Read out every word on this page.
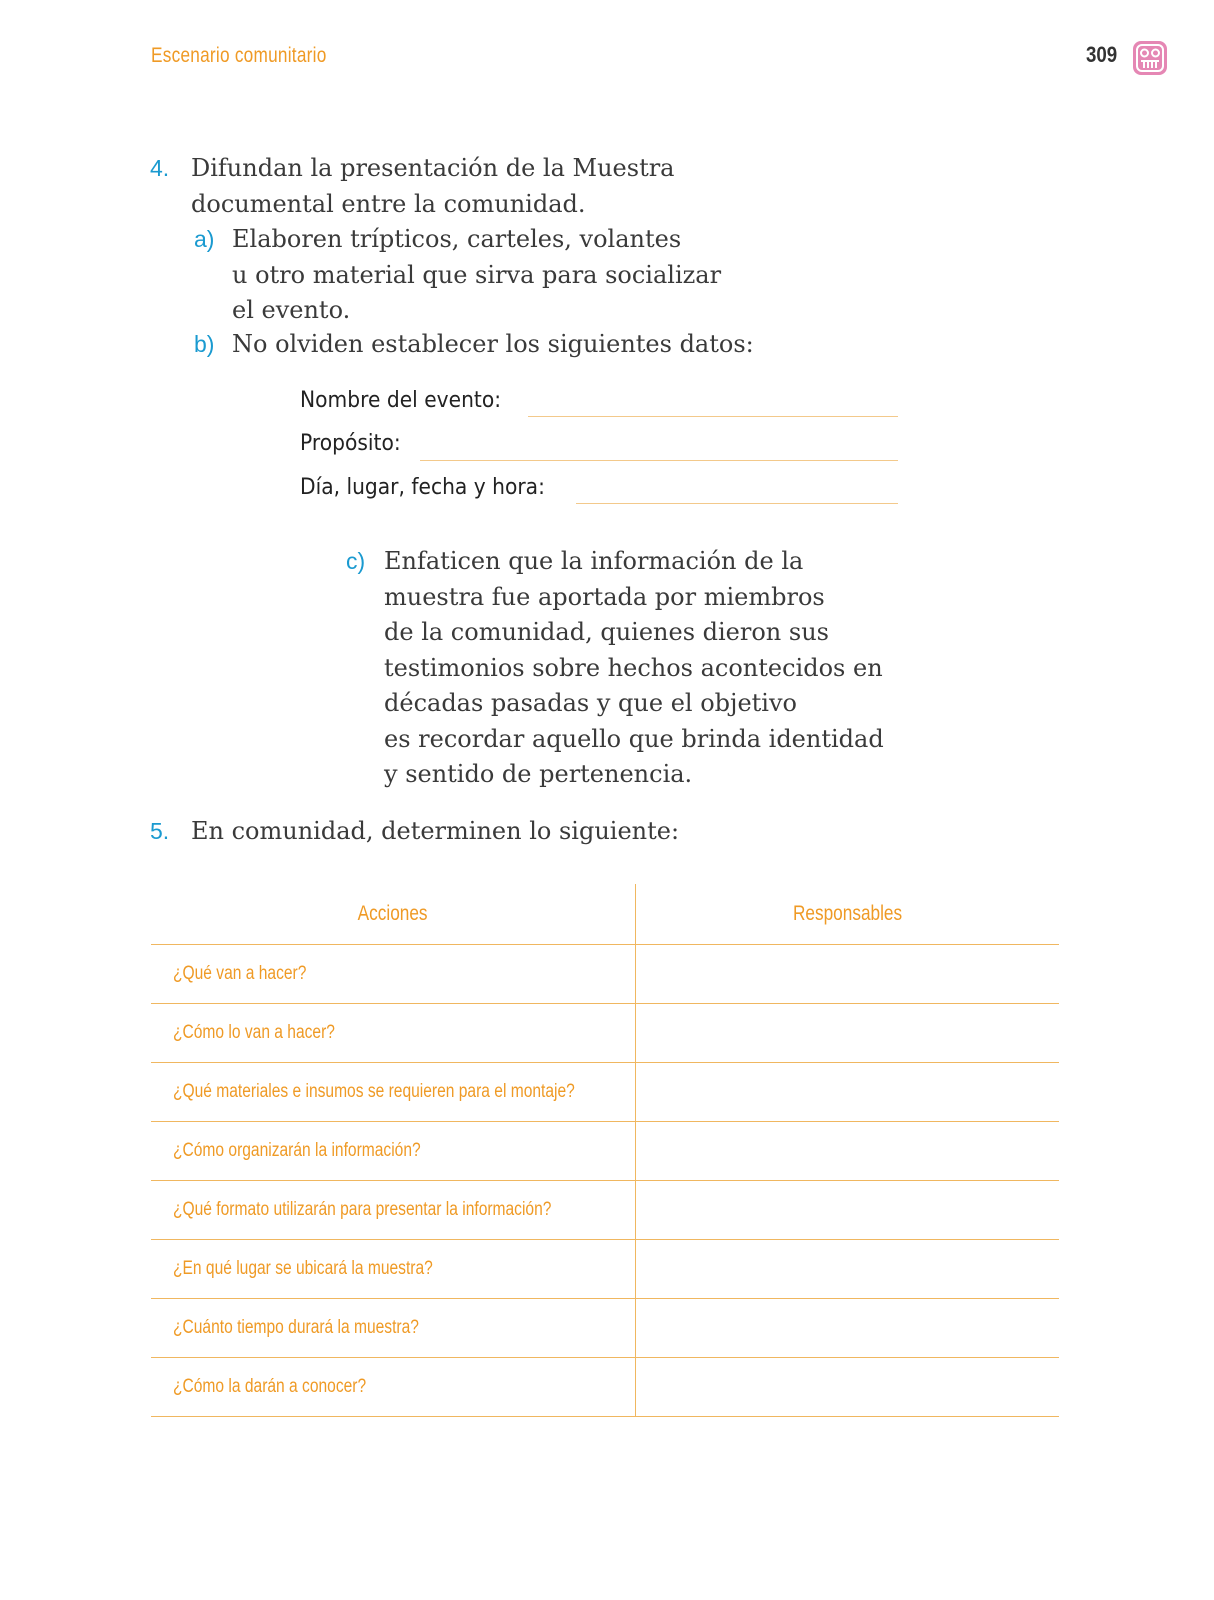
Escenario comunitario	309
4. Difundan la presentación de la Muestra
documental entre la comunidad.
a) Elaboren trípticos, carteles, volantes
u otro material que sirva para socializar
el evento.
b) No olviden establecer los siguientes datos:
Nombre del evento:
Propósito:
Día, lugar, fecha y hora:
c) Enfaticen que la información de la
muestra fue aportada por miembros
de la comunidad, quienes dieron sus
testimonios sobre hechos acontecidos en
décadas pasadas y que el objetivo
es recordar aquello que brinda identidad
y sentido de pertenencia.
5. En comunidad, determinen lo siguiente:
Acciones	Responsables
¿Qué van a hacer?	
¿Cómo lo van a hacer?	
¿Qué materiales e insumos se requieren para el montaje?	
¿Cómo organizarán la información?	
¿Qué formato utilizarán para presentar la información?	
¿En qué lugar se ubicará la muestra?	
¿Cuánto tiempo durará la muestra?	
¿Cómo la darán a conocer?	
